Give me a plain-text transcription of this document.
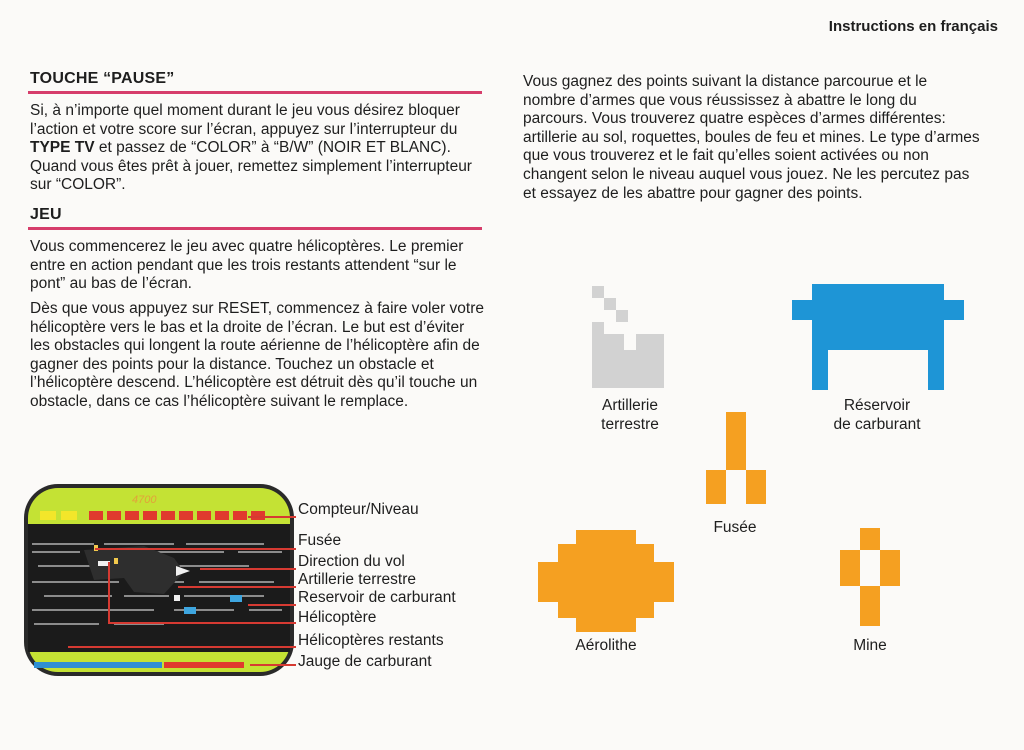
Instructions en français
TOUCHE “PAUSE”

Si, à n’importe quel moment durant le jeu vous désirez bloquer l’action et votre score sur l’écran, appuyez sur l’interrupteur du TYPE TV et passez de “COLOR” à “B/W” (NOIR ET BLANC). Quand vous êtes prêt à jouer, remettez simplement l’interrupteur sur “COLOR”.

JEU

Vous commencerez le jeu avec quatre hélicoptères. Le premier entre en action pendant que les trois restants attendent “sur le pont” au bas de l’écran.

Dès que vous appuyez sur RESET, commencez à faire voler votre hélicoptère vers le bas et la droite de l’écran. Le but est d’éviter les obstacles qui longent la route aérienne de l’hélicoptère afin de gagner des points pour la distance. Touchez un obstacle et l’hélicoptère descend. L’hélicoptère est détruit dès qu’il touche un obstacle, dans ce cas l’hélicoptère suivant le remplace.

Vous gagnez des points suivant la distance parcourue et le nombre d’armes que vous réussissez à abattre le long du parcours. Vous trouverez quatre espèces d’armes différentes: artillerie au sol, roquettes, boules de feu et mines. Le type d’armes que vous trouverez et le fait qu’elles soient activées ou non changent selon le niveau auquel vous jouez. Ne les percutez pas et essayez de les abattre pour gagner des points.

4700
Compteur/Niveau
Fusée
Direction du vol
Artillerie terrestre
Reservoir de carburant
Hélicoptère
Hélicoptères restants
Jauge de carburant
Artillerie
terrestre
Réservoir
de carburant
Fusée
Aérolithe	Mine
